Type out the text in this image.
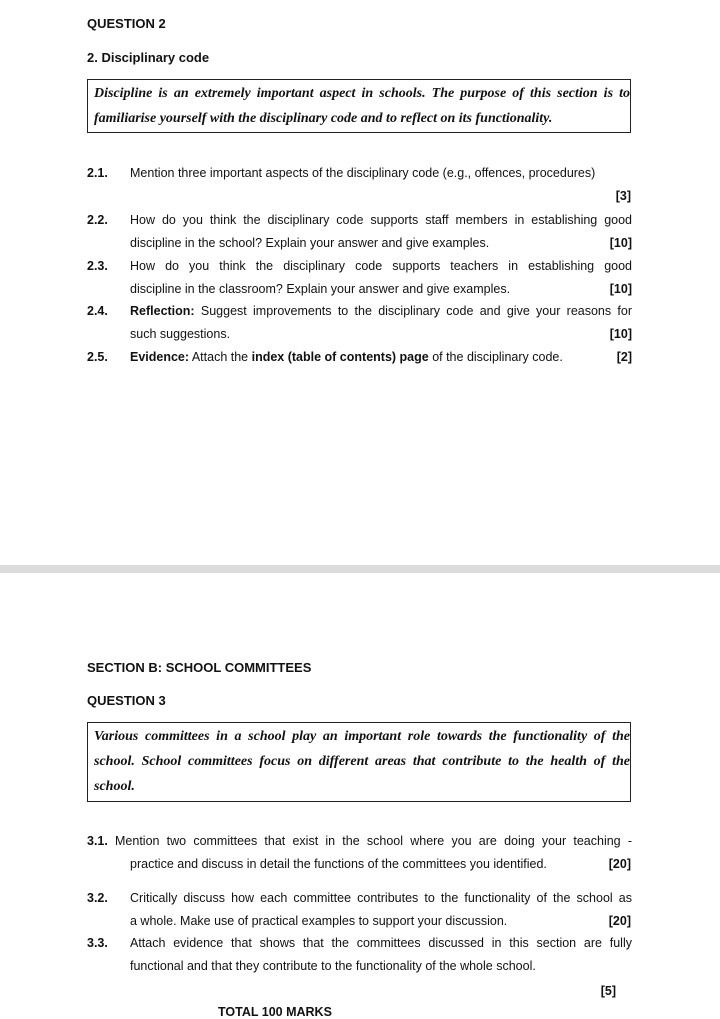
QUESTION 2
2. Disciplinary code
Discipline is an extremely important aspect in schools. The purpose of this section is to familiarise yourself with the disciplinary code and to reflect on its functionality.
2.1. Mention three important aspects of the disciplinary code (e.g., offences, procedures)
[3]
2.2. How do you think the disciplinary code supports staff members in establishing good
discipline in the school? Explain your answer and give examples.	[10]
2.3. How do you think the disciplinary code supports teachers in establishing good
discipline in the classroom? Explain your answer and give examples.	[10]
2.4. Reflection: Suggest improvements to the disciplinary code and give your reasons for
such suggestions.	[10]
2.5. Evidence: Attach the index (table of contents) page of the disciplinary code.	[2]
SECTION B: SCHOOL COMMITTEES
QUESTION 3
Various committees in a school play an important role towards the functionality of the school. School committees focus on different areas that contribute to the health of the school.
3.1. Mention two committees that exist in the school where you are doing your teaching -
practice and discuss in detail the functions of the committees you identified.	[20]
3.2. Critically discuss how each committee contributes to the functionality of the school as
a whole. Make use of practical examples to support your discussion.	[20]
3.3. Attach evidence that shows that the committees discussed in this section are fully
functional and that they contribute to the functionality of the whole school.
[5]
TOTAL 100 MARKS
